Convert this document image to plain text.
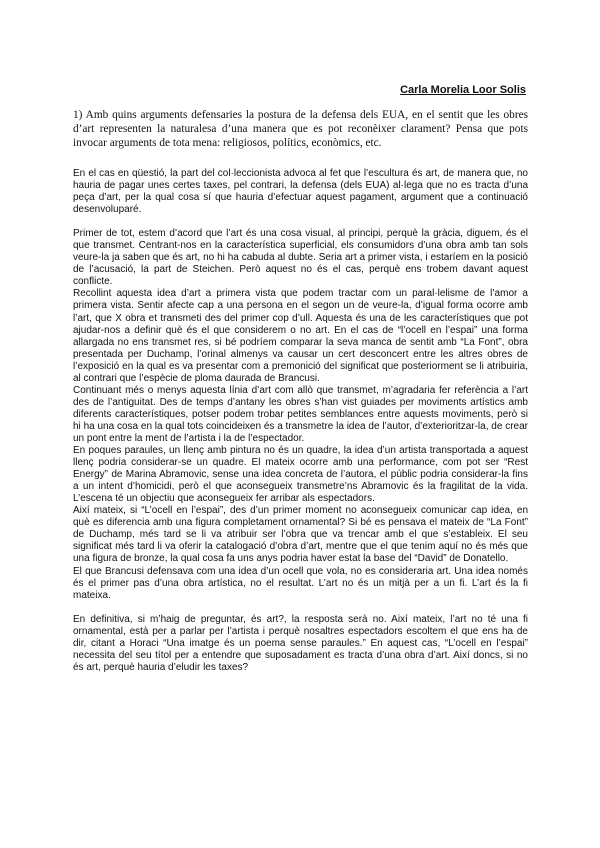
Carla Morelia Loor Solis
1) Amb quins arguments defensaries la postura de la defensa dels EUA, en el sentit que les obres d’art representen la naturalesa d’una manera que es pot reconèixer clarament? Pensa que pots invocar arguments de tota mena: religiosos, polítics, econòmics, etc.

En el cas en qüestió, la part del col·leccionista advoca al fet que l’escultura és art, de manera que, no hauria de pagar unes certes taxes, pel contrari, la defensa (dels EUA) al·lega que no es tracta d’una peça d’art, per la qual cosa sí que hauria d’efectuar aquest pagament, argument que a continuació desenvoluparé.

Primer de tot, estem d’acord que l’art és una cosa visual, al principi, perquè la gràcia, diguem, és el que transmet. Centrant-nos en la característica superficial, els consumidors d’una obra amb tan sols veure-la ja saben que és art, no hi ha cabuda al dubte. Seria art a primer vista, i estaríem en la posició de l’acusació, la part de Steichen. Però aquest no és el cas, perquè ens trobem davant aquest conflicte.

Recollint aquesta idea d’art a primera vista que podem tractar com un paral·lelisme de l’amor a primera vista. Sentir afecte cap a una persona en el segon un de veure-la, d’igual forma ocorre amb l’art, que X obra et transmeti des del primer cop d’ull. Aquesta és una de les característiques que pot ajudar-nos a definir què és el que considerem o no art. En el cas de “l’ocell en l’espai” una forma allargada no ens transmet res, si bé podríem comparar la seva manca de sentit amb “La Font”, obra presentada per Duchamp, l’orinal almenys va causar un cert desconcert entre les altres obres de l’exposició en la qual es va presentar com a premonició del significat que posteriorment se li atribuiria, al contrari que l’espècie de ploma daurada de Brancusi.

Continuant més o menys aquesta línia d’art com allò que transmet, m’agradaria fer referència a l’art des de l’antiguitat. Des de temps d’antany les obres s’han vist guiades per moviments artístics amb diferents característiques, potser podem trobar petites semblances entre aquests moviments, però si hi ha una cosa en la qual tots coincideixen és a transmetre la idea de l’autor, d’exterioritzar-la, de crear un pont entre la ment de l’artista i la de l’espectador.

En poques paraules, un llenç amb pintura no és un quadre, la idea d’un artista transportada a aquest llenç podria considerar-se un quadre. El mateix ocorre amb una performance, com pot ser “Rest Energy” de Marina Abramovic, sense una idea concreta de l’autora, el públic podria considerar-la fins a un intent d’homicidi, però el que aconsegueix transmetre’ns Abramovic és la fragilitat de la vida. L’escena té un objectiu que aconsegueix fer arribar als espectadors.

Així mateix, si “L’ocell en l’espai”, des d’un primer moment no aconsegueix comunicar cap idea, en què es diferencia amb una figura completament ornamental? Si bé es pensava el mateix de “La Font” de Duchamp, més tard se li va atribuir ser l’obra que va trencar amb el que s’estableix. El seu significat més tard li va oferir la catalogació d’obra d’art, mentre que el que tenim aquí no és més que una figura de bronze, la qual cosa fa uns anys podria haver estat la base del “David” de Donatello.

El que Brancusi defensava com una idea d’un ocell que vola, no es consideraria art. Una idea només és el primer pas d’una obra artística, no el resultat. L’art no és un mitjà per a un fi. L’art és la fi mateixa.

En definitiva, si m’haig de preguntar, és art?, la resposta serà no. Així mateix, l’art no té una fi ornamental, està per a parlar per l’artista i perquè nosaltres espectadors escoltem el que ens ha de dir, citant a Horaci “Una imatge és un poema sense paraules.” En aquest cas, “L’ocell en l’espai” necessita del seu títol per a entendre que suposadament es tracta d’una obra d’art. Així doncs, si no és art, perquè hauria d’eludir les taxes?
